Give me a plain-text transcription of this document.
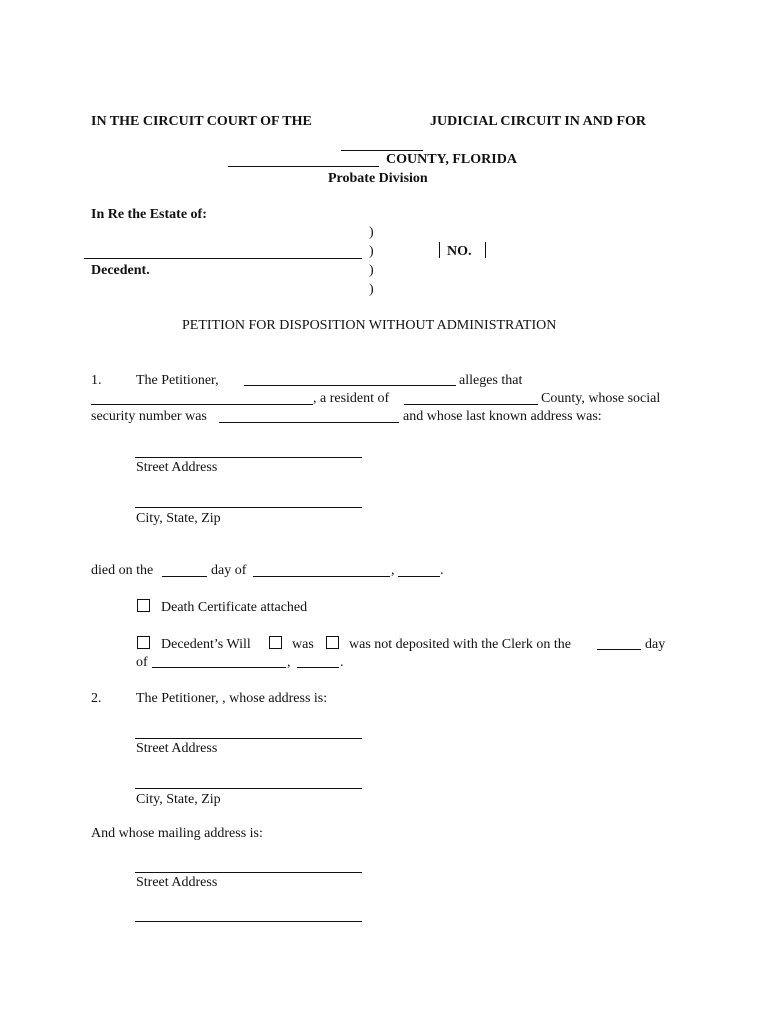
IN THE CIRCUIT COURT OF THE	JUDICIAL CIRCUIT IN AND FOR
COUNTY, FLORIDA
Probate Division
In Re the Estate of:
)
)
)
)
Decedent.
NO.
PETITION FOR DISPOSITION WITHOUT ADMINISTRATION
1. The Petitioner,	alleges that
, a resident of	County, whose social
security number was	and whose last known address was:
Street Address
City, State, Zip
died on the	day of	,	.
Death Certificate attached
Decedent’s Will	was	was not deposited with the Clerk on the	day
of	,	.
2. The Petitioner, , whose address is:
Street Address
City, State, Zip
And whose mailing address is:
Street Address
